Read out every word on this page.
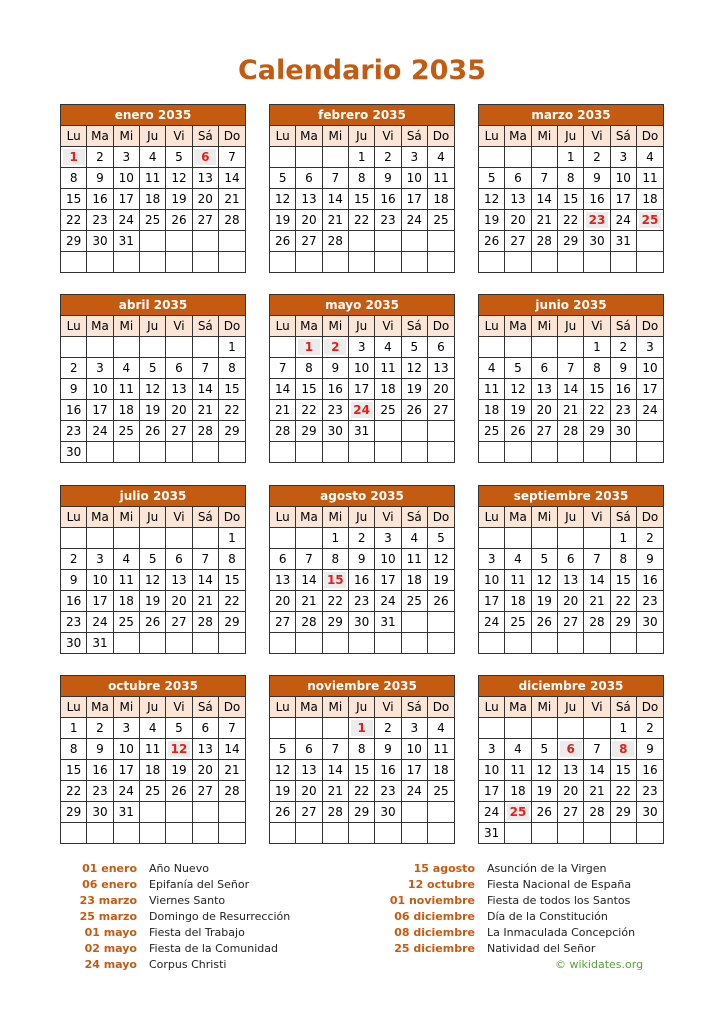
Calendario 2035
enero 2035						
Lu	Ma	Mi	Ju	Vi	Sá	Do
1	2	3	4	5	6	7
8	9	10	11	12	13	14
15	16	17	18	19	20	21
22	23	24	25	26	27	28
29	30	31				

febrero 2035						
Lu	Ma	Mi	Ju	Vi	Sá	Do
			1	2	3	4
5	6	7	8	9	10	11
12	13	14	15	16	17	18
19	20	21	22	23	24	25
26	27	28				

marzo 2035						
Lu	Ma	Mi	Ju	Vi	Sá	Do
			1	2	3	4
5	6	7	8	9	10	11
12	13	14	15	16	17	18
19	20	21	22	23	24	25
26	27	28	29	30	31	

abril 2035						
Lu	Ma	Mi	Ju	Vi	Sá	Do
						1
2	3	4	5	6	7	8
9	10	11	12	13	14	15
16	17	18	19	20	21	22
23	24	25	26	27	28	29
30						
mayo 2035						
Lu	Ma	Mi	Ju	Vi	Sá	Do
	1	2	3	4	5	6
7	8	9	10	11	12	13
14	15	16	17	18	19	20
21	22	23	24	25	26	27
28	29	30	31			

junio 2035						
Lu	Ma	Mi	Ju	Vi	Sá	Do
				1	2	3
4	5	6	7	8	9	10
11	12	13	14	15	16	17
18	19	20	21	22	23	24
25	26	27	28	29	30	

julio 2035						
Lu	Ma	Mi	Ju	Vi	Sá	Do
						1
2	3	4	5	6	7	8
9	10	11	12	13	14	15
16	17	18	19	20	21	22
23	24	25	26	27	28	29
30	31					
agosto 2035						
Lu	Ma	Mi	Ju	Vi	Sá	Do
		1	2	3	4	5
6	7	8	9	10	11	12
13	14	15	16	17	18	19
20	21	22	23	24	25	26
27	28	29	30	31		

septiembre 2035						
Lu	Ma	Mi	Ju	Vi	Sá	Do
					1	2
3	4	5	6	7	8	9
10	11	12	13	14	15	16
17	18	19	20	21	22	23
24	25	26	27	28	29	30

octubre 2035						
Lu	Ma	Mi	Ju	Vi	Sá	Do
1	2	3	4	5	6	7
8	9	10	11	12	13	14
15	16	17	18	19	20	21
22	23	24	25	26	27	28
29	30	31				

noviembre 2035						
Lu	Ma	Mi	Ju	Vi	Sá	Do
			1	2	3	4
5	6	7	8	9	10	11
12	13	14	15	16	17	18
19	20	21	22	23	24	25
26	27	28	29	30		

diciembre 2035						
Lu	Ma	Mi	Ju	Vi	Sá	Do
					1	2
3	4	5	6	7	8	9
10	11	12	13	14	15	16
17	18	19	20	21	22	23
24	25	26	27	28	29	30
31						
01 enero Año Nuevo
06 enero Epifanía del Señor
23 marzo Viernes Santo
25 marzo Domingo de Resurrección
01 mayo Fiesta del Trabajo
02 mayo Fiesta de la Comunidad
24 mayo Corpus Christi
15 agosto Asunción de la Virgen
12 octubre Fiesta Nacional de España
01 noviembre Fiesta de todos los Santos
06 diciembre Día de la Constitución
08 diciembre La Inmaculada Concepción
25 diciembre Natividad del Señor
© wikidates.org
